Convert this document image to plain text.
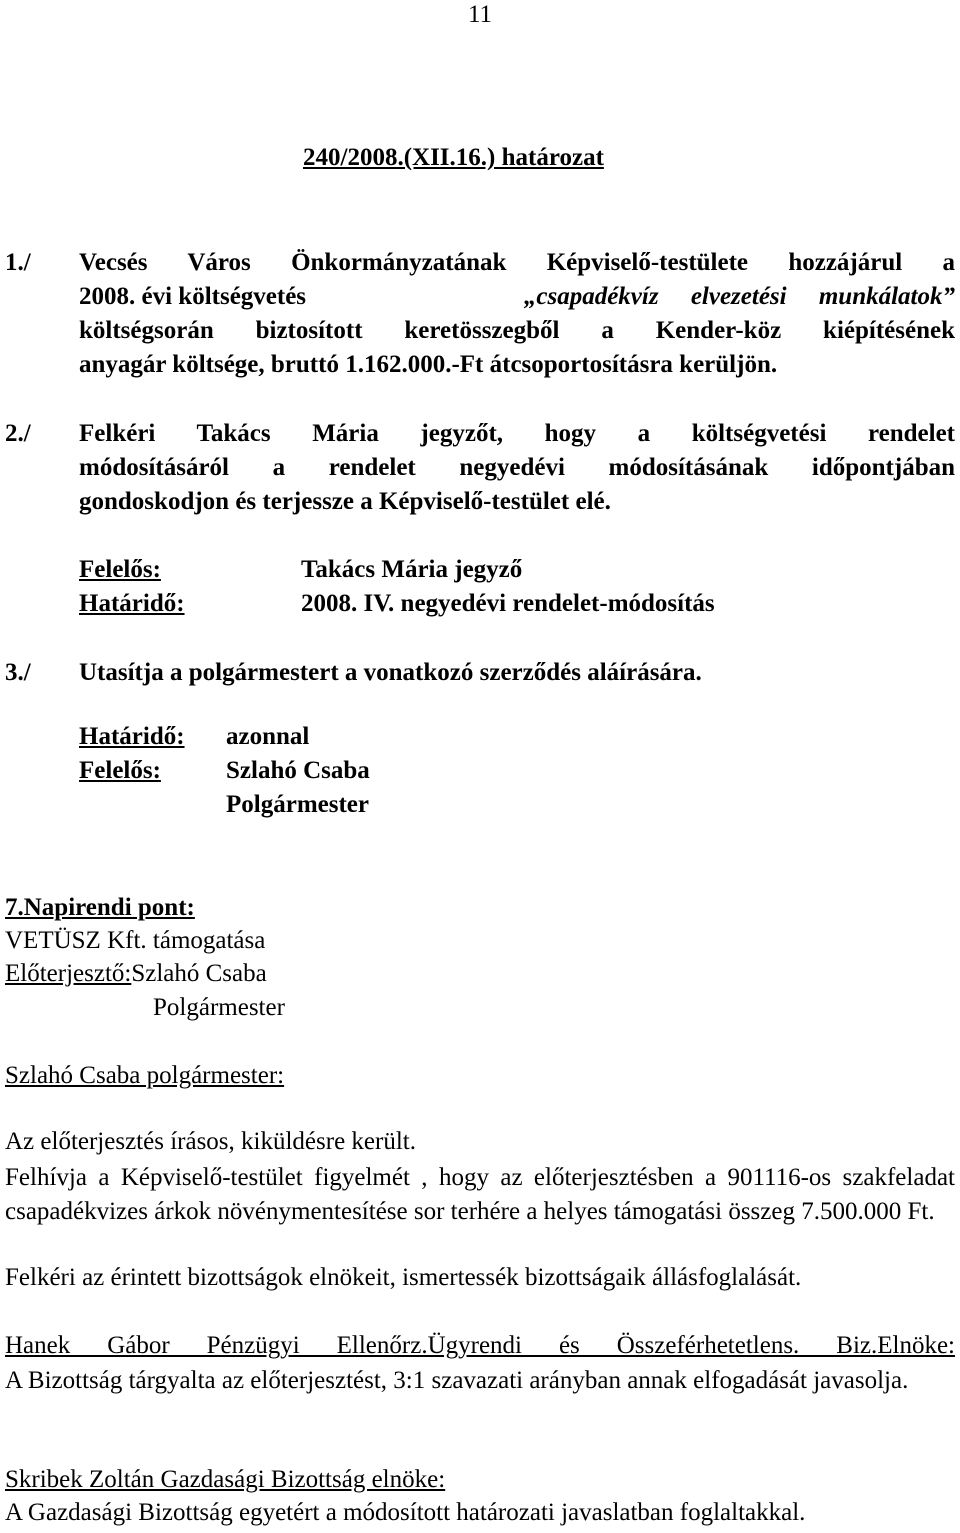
11
240/2008.(XII.16.) határozat
1./ Vecsés Város Önkormányzatának Képviselő-testülete hozzájárul a
2008. évi költségvetés	„csapadékvíz elvezetési munkálatok”
költségsorán biztosított keretösszegből a Kender-köz kiépítésének
anyagár költsége, bruttó 1.162.000.-Ft átcsoportosításra kerüljön.
2./ Felkéri Takács Mária jegyzőt, hogy a költségvetési rendelet
módosításáról a rendelet negyedévi módosításának időpontjában
gondoskodjon és terjessze a Képviselő-testület elé.
Felelős:	Takács Mária jegyző
Határidő:	2008. IV. negyedévi rendelet-módosítás
3./ Utasítja a polgármestert a vonatkozó szerződés aláírására.
Határidő: azonnal
Felelős:	Szlahó Csaba
Polgármester
7.Napirendi pont:
VETÜSZ Kft. támogatása
Előterjesztő:Szlahó Csaba
Polgármester
Szlahó Csaba polgármester:
Az előterjesztés írásos, kiküldésre került.
Felhívja a Képviselő-testület figyelmét , hogy az előterjesztésben a 901116-os szakfeladat csapadékvizes árkok növénymentesítése sor terhére a helyes támogatási összeg 7.500.000 Ft.
Felkéri az érintett bizottságok elnökeit, ismertessék bizottságaik állásfoglalását.
Hanek Gábor Pénzügyi Ellenőrz.Ügyrendi és Összeférhetetlens. Biz.Elnöke:
A Bizottság tárgyalta az előterjesztést, 3:1 szavazati arányban annak elfogadását javasolja.
Skribek Zoltán Gazdasági Bizottság elnöke:
A Gazdasági Bizottság egyetért a módosított határozati javaslatban foglaltakkal.
